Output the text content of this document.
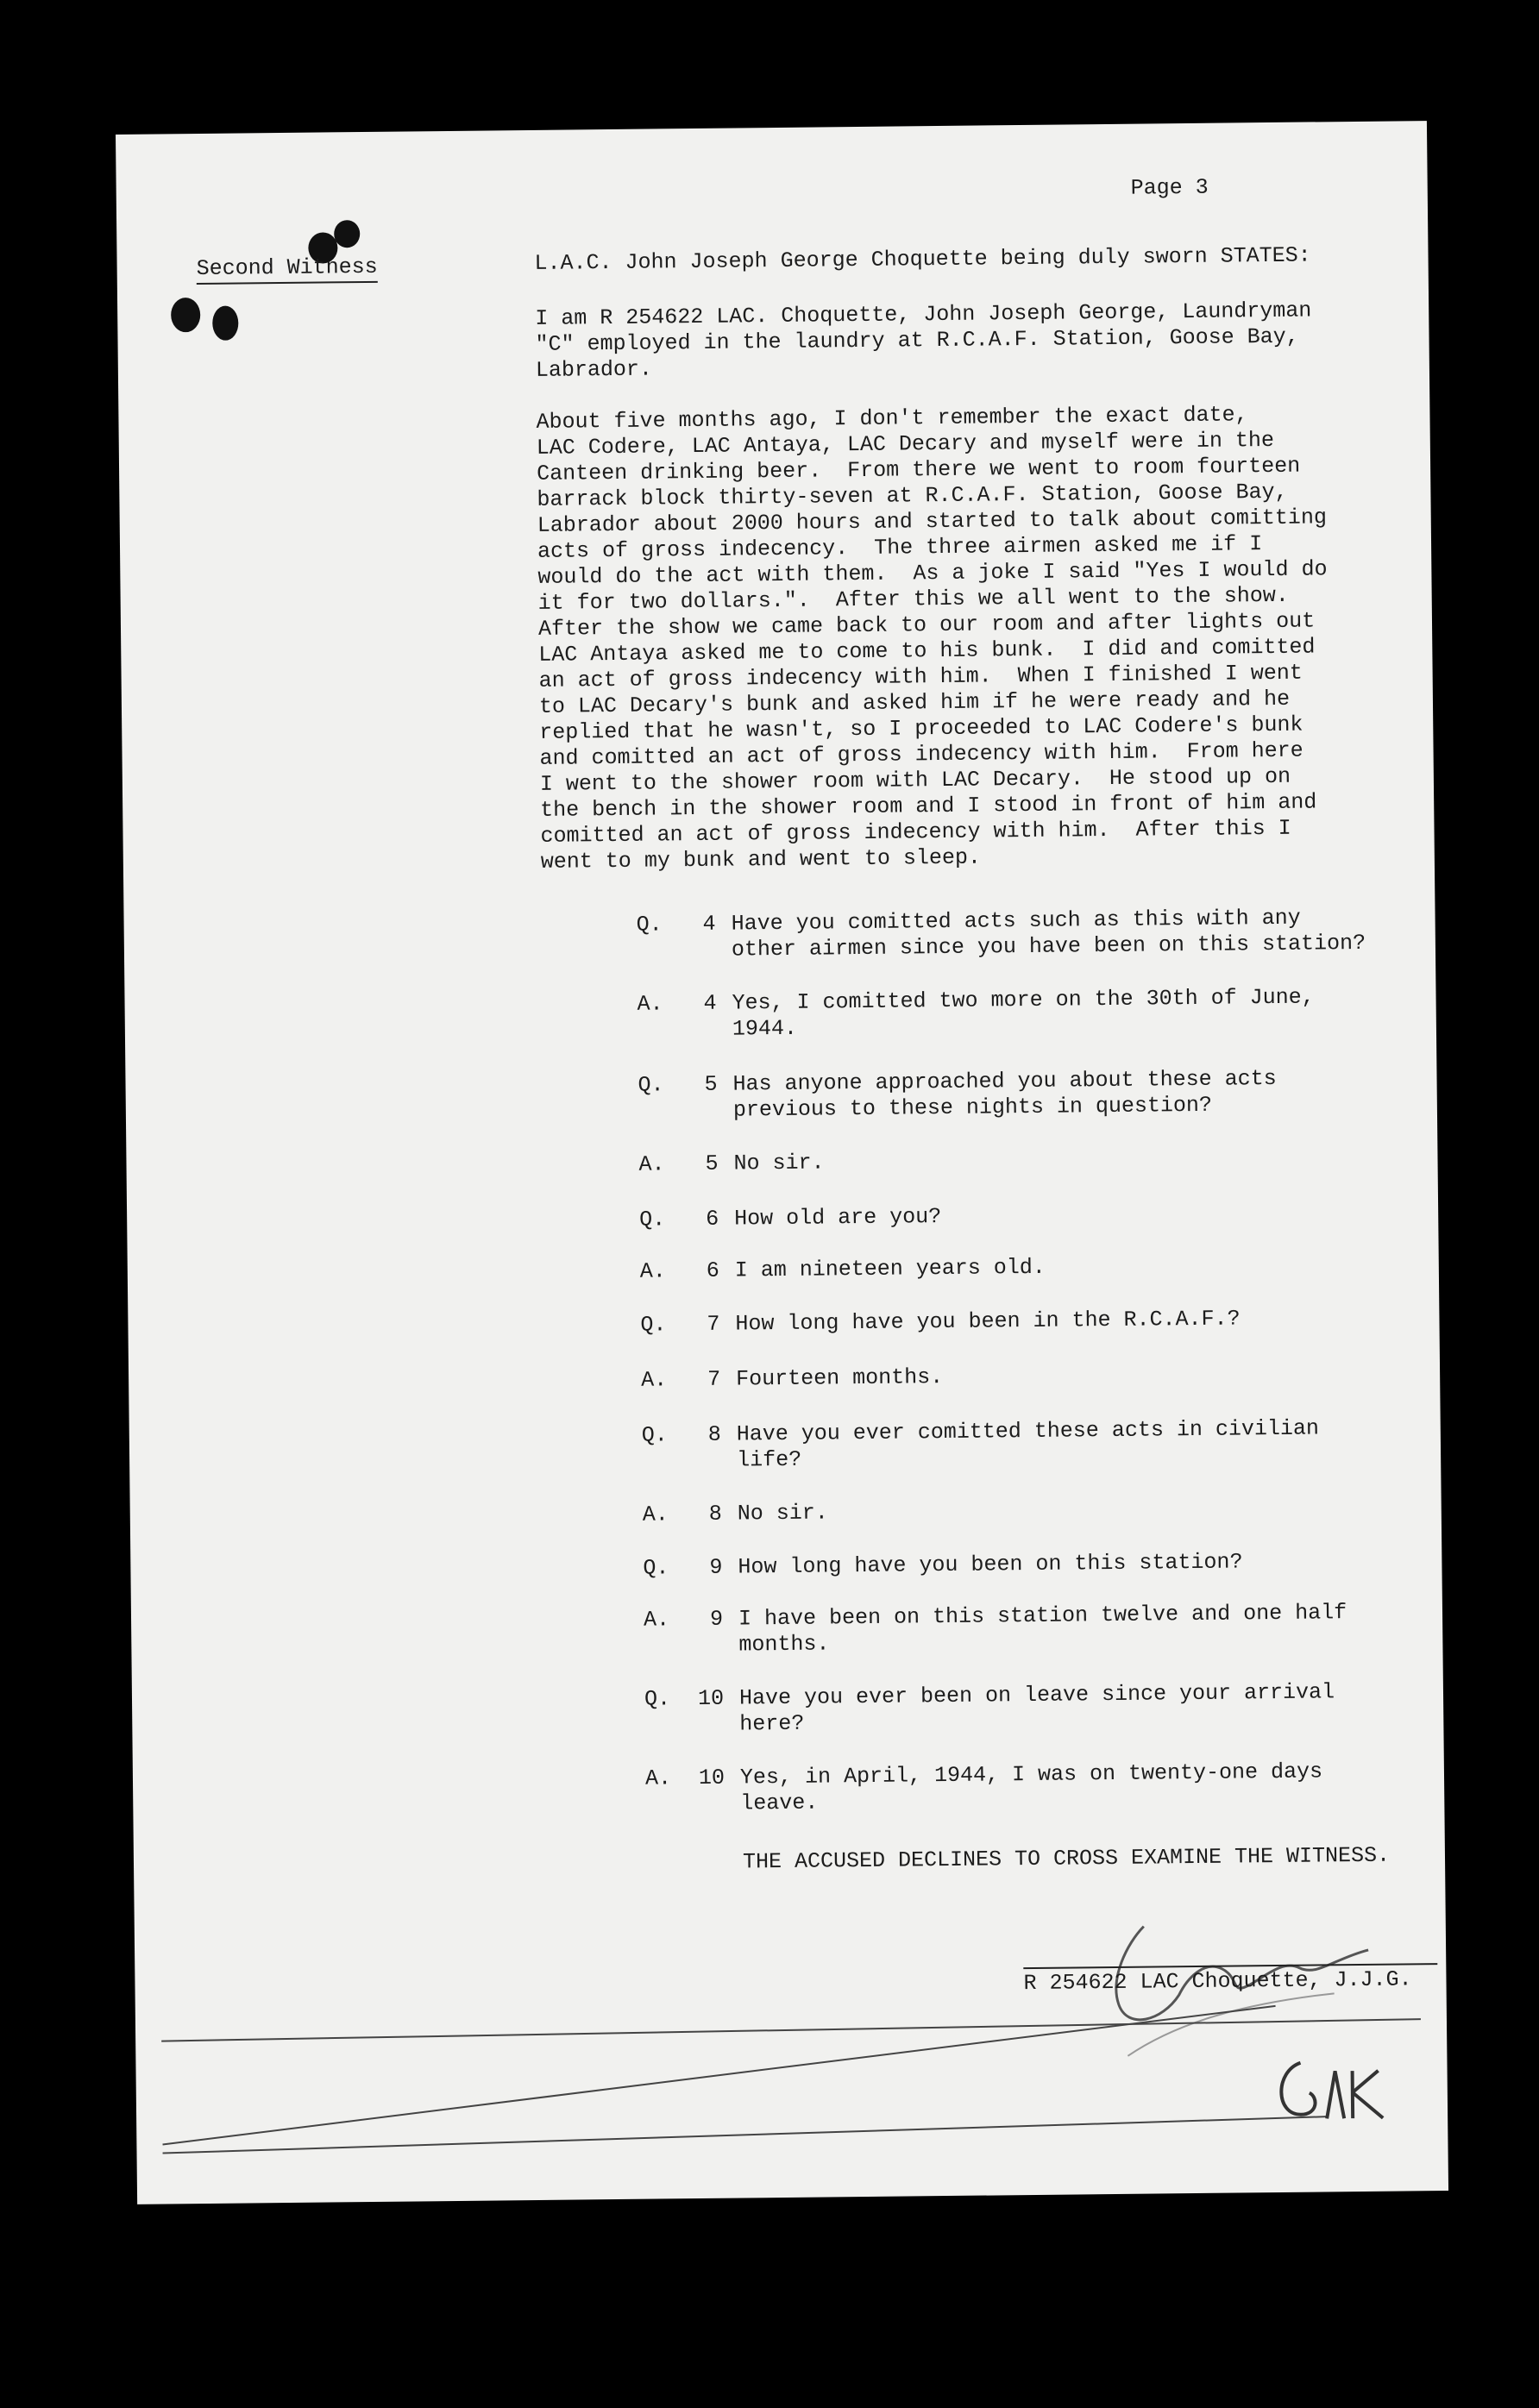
Page 3
Second Witness	L.A.C. John Joseph George Choquette being duly sworn STATES:
I am R 254622 LAC. Choquette, John Joseph George, Laundryman
"C" employed in the laundry at R.C.A.F. Station, Goose Bay,
Labrador.
About five months ago, I don't remember the exact date,
LAC Codere, LAC Antaya, LAC Decary and myself were in the
Canteen drinking beer.  From there we went to room fourteen
barrack block thirty-seven at R.C.A.F. Station, Goose Bay,
Labrador about 2000 hours and started to talk about comitting
acts of gross indecency.  The three airmen asked me if I
would do the act with them.  As a joke I said "Yes I would do
it for two dollars.".  After this we all went to the show.
After the show we came back to our room and after lights out
LAC Antaya asked me to come to his bunk.  I did and comitted
an act of gross indecency with him.  When I finished I went
to LAC Decary's bunk and asked him if he were ready and he
replied that he wasn't, so I proceeded to LAC Codere's bunk
and comitted an act of gross indecency with him.  From here
I went to the shower room with LAC Decary.  He stood up on
the bench in the shower room and I stood in front of him and
comitted an act of gross indecency with him.  After this I
went to my bunk and went to sleep.
Q.	4 Have you comitted acts such as this with any
other airmen since you have been on this station?
A.	4 Yes, I comitted two more on the 30th of June,
1944.
Q.	5 Has anyone approached you about these acts
previous to these nights in question?
A.	5 No sir.
Q.	6 How old are you?
A.	6 I am nineteen years old.
Q.	7 How long have you been in the R.C.A.F.?
A.	7 Fourteen months.
Q.	8 Have you ever comitted these acts in civilian
life?
A.	8 No sir.
Q.	9 How long have you been on this station?
A.	9 I have been on this station twelve and one half
months.
Q. 10 Have you ever been on leave since your arrival
here?
A. 10 Yes, in April, 1944, I was on twenty-one days
leave.
THE ACCUSED DECLINES TO CROSS EXAMINE THE WITNESS.
R 254622 LAC Choquette, J.J.G.
